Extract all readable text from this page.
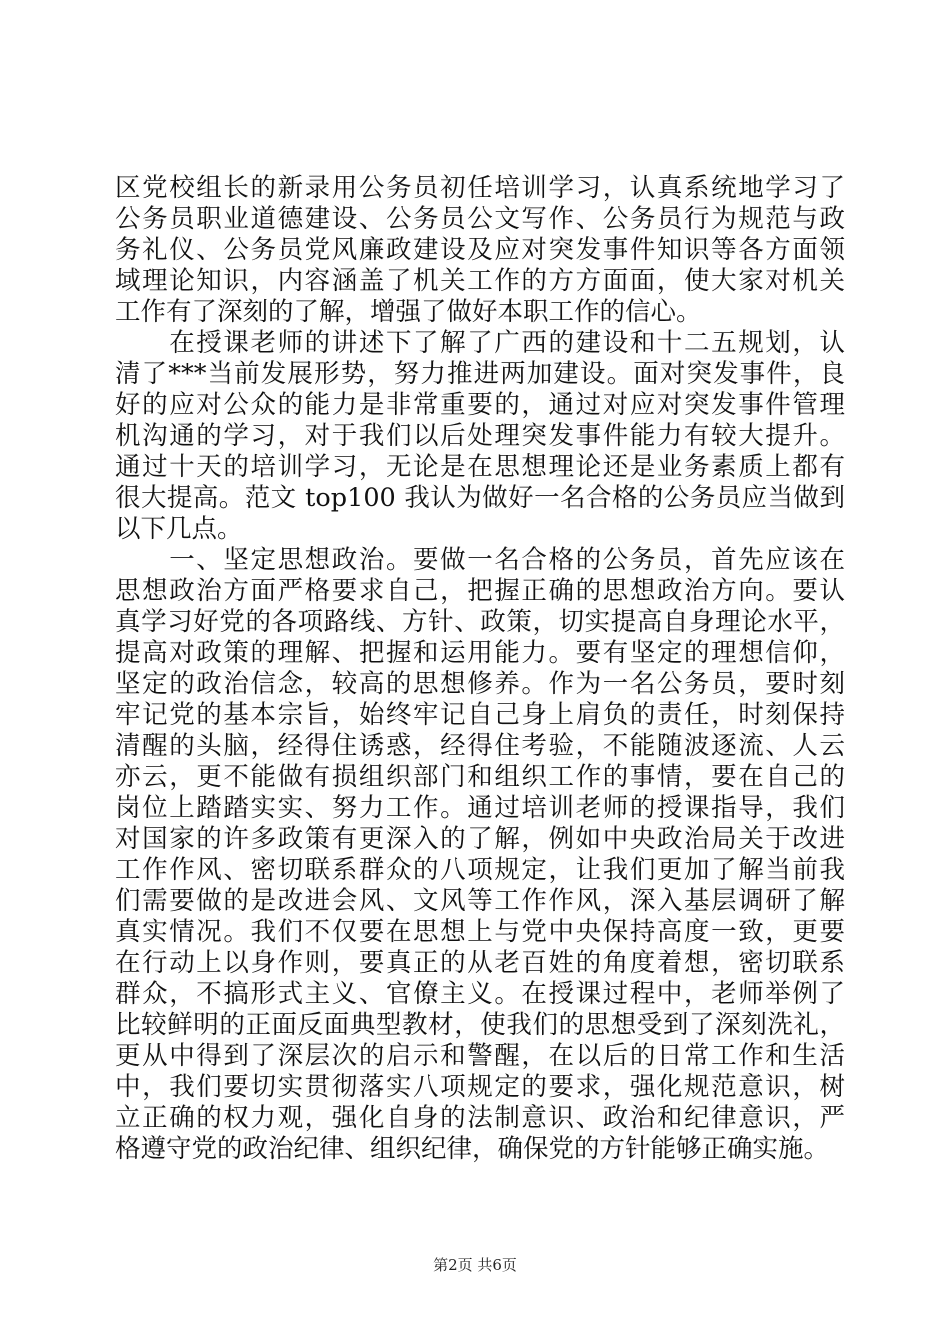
区党校组长的新录用公务员初任培训学习，认真系统地学习了
公务员职业道德建设、公务员公文写作、公务员行为规范与政
务礼仪、公务员党风廉政建设及应对突发事件知识等各方面领
域理论知识，内容涵盖了机关工作的方方面面，使大家对机关
工作有了深刻的了解，增强了做好本职工作的信心。
　　在授课老师的讲述下了解了广西的建设和十二五规划，认
清了***当前发展形势，努力推进两加建设。面对突发事件，良
好的应对公众的能力是非常重要的，通过对应对突发事件管理
机沟通的学习，对于我们以后处理突发事件能力有较大提升。
通过十天的培训学习，无论是在思想理论还是业务素质上都有
很大提高。范文 top100 我认为做好一名合格的公务员应当做到
以下几点。
　　一、坚定思想政治。要做一名合格的公务员，首先应该在
思想政治方面严格要求自己，把握正确的思想政治方向。要认
真学习好党的各项路线、方针、政策，切实提高自身理论水平，
提高对政策的理解、把握和运用能力。要有坚定的理想信仰，
坚定的政治信念，较高的思想修养。作为一名公务员，要时刻
牢记党的基本宗旨，始终牢记自己身上肩负的责任，时刻保持
清醒的头脑，经得住诱惑，经得住考验，不能随波逐流、人云
亦云，更不能做有损组织部门和组织工作的事情，要在自己的
岗位上踏踏实实、努力工作。通过培训老师的授课指导，我们
对国家的许多政策有更深入的了解，例如中央政治局关于改进
工作作风、密切联系群众的八项规定，让我们更加了解当前我
们需要做的是改进会风、文风等工作作风，深入基层调研了解
真实情况。我们不仅要在思想上与党中央保持高度一致，更要
在行动上以身作则，要真正的从老百姓的角度着想，密切联系
群众，不搞形式主义、官僚主义。在授课过程中，老师举例了
比较鲜明的正面反面典型教材，使我们的思想受到了深刻洗礼，
更从中得到了深层次的启示和警醒，在以后的日常工作和生活
中，我们要切实贯彻落实八项规定的要求，强化规范意识，树
立正确的权力观，强化自身的法制意识、政治和纪律意识，严
格遵守党的政治纪律、组织纪律，确保党的方针能够正确实施。
第2页 共6页
